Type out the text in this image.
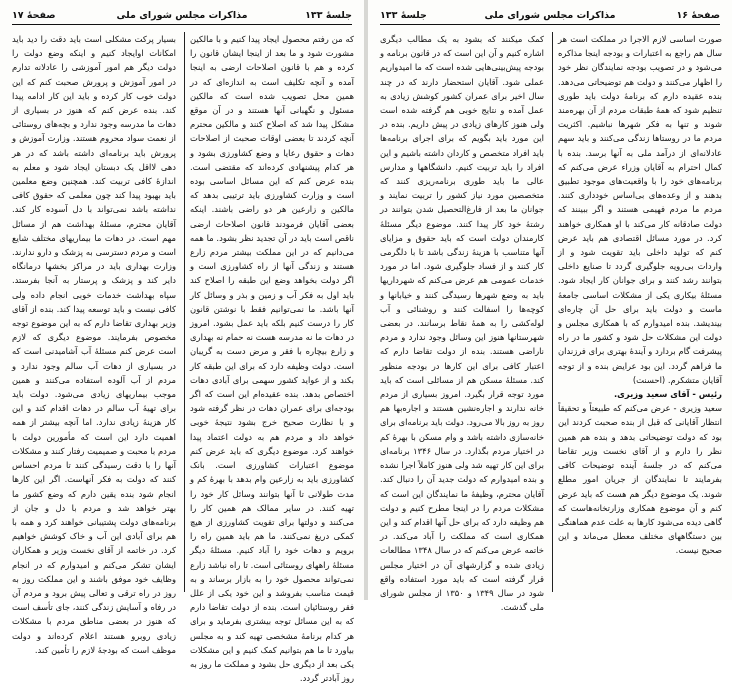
جلسهٔ ۱۳۳
مذاکرات مجلس شورای ملی
صفحهٔ ۱۷

که من رفتم محصول ایجاد پیدا کنیم و با مالکین مشورت شود و ما بعد از اینجا ایشان قانون را کرده و هم با قانون اصلاحات ارضی به اینجا آمده و آنچه تکلیف است به اندازه‌ای که در همین محل تصویب شده است که مالکین مسئول و نگهبانی آنها هستند و در آن موقع مشکل پیدا شد که اصلاح کنند و مالکین محترم آنچه کردند تا بعضی اوقات صحبت از اصلاحات دهات و حقوق رعایا و وضع کشاورزی بشود و هر کدام پیشنهادی کرده‌اند که مقتضی است. بنده عرض کنم که این مسائل اساسی بوده است و وزارت کشاورزی باید ترتیبی بدهد که مالکین و زارعین هر دو راضی باشند. اینکه بعضی آقایان فرمودند قانون اصلاحات ارضی ناقص است باید در آن تجدید نظر بشود. ما همه می‌دانیم که در این مملکت بیشتر مردم زارع هستند و زندگی آنها از راه کشاورزی است و اگر دولت بخواهد وضع این طبقه را اصلاح کند باید اول به فکر آب و زمین و بذر و وسائل کار آنها باشد. ما نمی‌توانیم فقط با نوشتن قانون کار را درست کنیم بلکه باید عمل بشود. امروز در دهات ما نه مدرسه هست نه حمام نه بهداری و زارع بیچاره با فقر و مرض دست به گریبان است. دولت وظیفه دارد که برای این طبقه کار بکند و از عواید کشور سهمی برای آبادی دهات اختصاص بدهد. بنده عقیده‌ام این است که اگر بودجه‌ای برای عمران دهات در نظر گرفته شود و با نظارت صحیح خرج بشود نتیجهٔ خوبی خواهد داد و مردم هم به دولت اعتماد پیدا خواهند کرد. موضوع دیگری که باید عرض کنم موضوع اعتبارات کشاورزی است. بانک کشاورزی باید به زارعین وام بدهد با بهرهٔ کم و مدت طولانی تا آنها بتوانند وسائل کار خود را تهیه کنند. در سایر ممالک هم همین کار را می‌کنند و دولتها برای تقویت کشاورزی از هیچ کمکی دریغ نمی‌کنند. ما هم باید همین راه را برویم و دهات خود را آباد کنیم. مسئلهٔ دیگر مسئلهٔ راههای روستائی است. تا راه نباشد زارع نمی‌تواند محصول خود را به بازار برساند و به قیمت مناسب بفروشد و این خود یکی از علل فقر روستائیان است. بنده از دولت تقاضا دارم که به این مسائل توجه بیشتری بفرماید و برای هر کدام برنامهٔ مشخصی تهیه کند و به مجلس بیاورد تا ما هم بتوانیم کمک کنیم و این مشکلات یکی بعد از دیگری حل بشود و مملکت ما روز به روز آبادتر گردد.

بسیار پرکت مشکلی است باید دقت را دید باید امکانات اوایجاد کنیم و اینکه وضع دولت را دولت دیگر هم امور آموزشی را عادلانه تدارم در امور آموزش و پرورش صحبت کنم که این دولت خوب کار کرده و باید این کار ادامه پیدا کند. بنده عرض کنم که هنوز در بسیاری از دهات ما مدرسه وجود ندارد و بچه‌های روستائی از نعمت سواد محروم هستند. وزارت آموزش و پرورش باید برنامه‌ای داشته باشد که در هر دهی لااقل یک دبستان ایجاد شود و معلم به اندازهٔ کافی تربیت کند. همچنین وضع معلمین باید بهبود پیدا کند چون معلمی که حقوق کافی نداشته باشد نمی‌تواند با دل آسوده کار کند. آقایان محترم، مسئلهٔ بهداشت هم از مسائل مهم است. در دهات ما بیماریهای مختلف شایع است و مردم دسترسی به پزشک و دارو ندارند. وزارت بهداری باید در مراکز بخشها درمانگاه دایر کند و پزشک و پرستار به آنجا بفرستد. سپاه بهداشت خدمات خوبی انجام داده ولی کافی نیست و باید توسعه پیدا کند. بنده از آقای وزیر بهداری تقاضا دارم که به این موضوع توجه مخصوص بفرمایند. موضوع دیگری که لازم است عرض کنم مسئلهٔ آب آشامیدنی است که در بسیاری از دهات آب سالم وجود ندارد و مردم از آب آلوده استفاده می‌کنند و همین موجب بیماریهای زیادی می‌شود. دولت باید برای تهیهٔ آب سالم در دهات اقدام کند و این کار هزینهٔ زیادی ندارد. اما آنچه بیشتر از همه اهمیت دارد این است که مأمورین دولت با مردم با محبت و صمیمیت رفتار کنند و مشکلات آنها را با دقت رسیدگی کنند تا مردم احساس کنند که دولت به فکر آنهاست. اگر این کارها انجام شود بنده یقین دارم که وضع کشور ما بهتر خواهد شد و مردم با دل و جان از برنامه‌های دولت پشتیبانی خواهند کرد و همه با هم برای آبادی این آب و خاک کوشش خواهیم کرد. در خاتمه از آقای نخست وزیر و همکاران ایشان تشکر می‌کنم و امیدوارم که در انجام وظایف خود موفق باشند و این مملکت روز به روز در راه ترقی و تعالی پیش برود و مردم آن در رفاه و آسایش زندگی کنند، جای تأسف است که هنوز در بعضی مناطق مردم با مشکلات زیادی روبرو هستند اعلام کرده‌اند و دولت موظف است که بودجهٔ لازم را تأمین کند.

صفحهٔ ۱۶
مذاکرات مجلس شورای ملی
جلسهٔ ۱۳۳

صورت اساسی لازم الاجرا در مملکت است هر سال هم راجع به اعتبارات و بودجه اینجا مذاکره می‌شود و در تصویب بودجه نمایندگان نظر خود را اظهار می‌کنند و دولت هم توضیحاتی می‌دهد. بنده عقیده دارم که برنامهٔ دولت باید طوری تنظیم شود که همهٔ طبقات مردم از آن بهره‌مند شوند و تنها به فکر شهرها نباشیم. اکثریت مردم ما در روستاها زندگی می‌کنند و باید سهم عادلانه‌ای از درآمد ملی به آنها برسد. بنده با کمال احترام به آقایان وزراء عرض می‌کنم که برنامه‌های خود را با واقعیت‌های موجود تطبیق بدهند و از وعده‌های بی‌اساس خودداری کنند. مردم ما مردم فهیمی هستند و اگر ببینند که دولت صادقانه کار می‌کند با او همکاری خواهند کرد. در مورد مسائل اقتصادی هم باید عرض کنم که تولید داخلی باید تقویت شود و از واردات بی‌رویه جلوگیری گردد تا صنایع داخلی بتوانند رشد کنند و برای جوانان کار ایجاد شود. مسئلهٔ بیکاری یکی از مشکلات اساسی جامعهٔ ماست و دولت باید برای حل آن چاره‌ای بیندیشد. بنده امیدوارم که با همکاری مجلس و دولت این مشکلات حل شود و کشور ما در راه پیشرفت گام بردارد و آیندهٔ بهتری برای فرزندان ما فراهم گردد. این بود عرایض بنده و از توجه آقایان متشکرم. (احسنت)

رئیس - آقای سعید وزیری.

سعید وزیری - عرض می‌کنم که طبیعتاً و تحقیقاً انتظار آقایانی که قبل از بنده صحبت کردند این بود که دولت توضیحاتی بدهد و بنده هم همین نظر را دارم و از آقای نخست وزیر تقاضا می‌کنم که در جلسهٔ آینده توضیحات کافی بفرمایند تا نمایندگان از جریان امور مطلع شوند. یک موضوع دیگر هم هست که باید عرض کنم و آن موضوع همکاری وزارتخانه‌هاست که گاهی دیده می‌شود کارها به علت عدم هماهنگی بین دستگاههای مختلف معطل می‌ماند و این صحیح نیست.

کمک میکنند که بشود به یک مطالب دیگری اشاره کنیم و آن این است که در قانون برنامه و بودجه پیش‌بینی‌هایی شده است که ما امیدواریم عملی شود. آقایان استحضار دارند که در چند سال اخیر برای عمران کشور کوشش زیادی به عمل آمده و نتایج خوبی هم گرفته شده است ولی هنوز کارهای زیادی در پیش داریم. بنده در این مورد باید بگویم که برای اجرای برنامه‌ها باید افراد متخصص و کاردان داشته باشیم و این افراد را باید تربیت کنیم. دانشگاهها و مدارس عالی ما باید طوری برنامه‌ریزی کنند که متخصصین مورد نیاز کشور را تربیت نمایند و جوانان ما بعد از فارغ‌التحصیل شدن بتوانند در رشتهٔ خود کار پیدا کنند. موضوع دیگر مسئلهٔ کارمندان دولت است که باید حقوق و مزایای آنها متناسب با هزینهٔ زندگی باشد تا با دلگرمی کار کنند و از فساد جلوگیری شود. اما در مورد خدمات عمومی هم عرض می‌کنم که شهرداریها باید به وضع شهرها رسیدگی کنند و خیابانها و کوچه‌ها را اسفالت کنند و روشنائی و آب لوله‌کشی را به همهٔ نقاط برسانند. در بعضی شهرستانها هنوز این وسائل وجود ندارد و مردم ناراضی هستند. بنده از دولت تقاضا دارم که اعتبار کافی برای این کارها در بودجه منظور کند. مسئلهٔ مسکن هم از مسائلی است که باید مورد توجه قرار بگیرد. امروز بسیاری از مردم خانه ندارند و اجاره‌نشین هستند و اجاره‌بها هم روز به روز بالا می‌رود. دولت باید برنامه‌ای برای خانه‌سازی داشته باشد و وام مسکن با بهرهٔ کم در اختیار مردم بگذارد. در سال ۱۳۴۶ برنامه‌ای برای این کار تهیه شد ولی هنوز کاملاً اجرا نشده و بنده امیدوارم که دولت جدید آن را دنبال کند. آقایان محترم، وظیفهٔ ما نمایندگان این است که مشکلات مردم را در اینجا مطرح کنیم و دولت هم وظیفه دارد که برای حل آنها اقدام کند و این همکاری است که مملکت را آباد می‌کند. در خاتمه عرض می‌کنم که در سال ۱۳۴۸ مطالعات زیادی شده و گزارشهای آن در اختیار مجلس قرار گرفته است که باید مورد استفاده واقع شود در سال ۱۳۴۹ و ۱۳۵۰ از مجلس شورای ملی گذشت.
